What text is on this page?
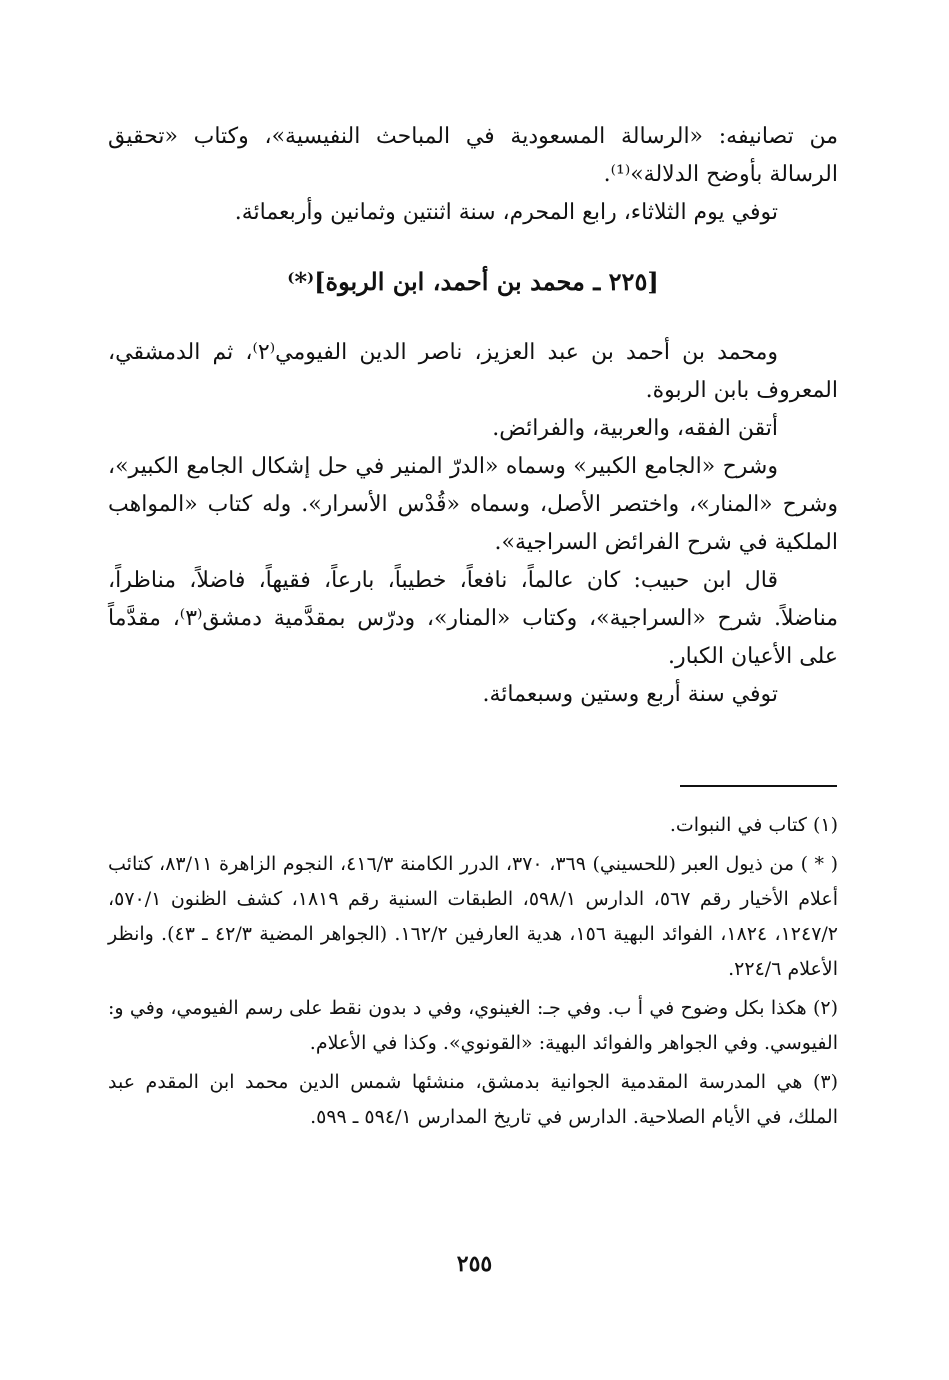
من تصانيفه: «الرسالة المسعودية في المباحث النفيسية»، وكتاب «تحقيق الرسالة بأوضح الدلالة»⁽¹⁾.

توفي يوم الثلاثاء، رابع المحرم، سنة اثنتين وثمانين وأربعمائة.

[٢٢٥ ـ محمد بن أحمد، ابن الربوة]⁽*⁾

ومحمد بن أحمد بن عبد العزيز، ناصر الدين الفيومي⁽٢⁾، ثم الدمشقي، المعروف بابن الربوة.

أتقن الفقه، والعربية، والفرائض.

وشرح «الجامع الكبير» وسماه «الدرّ المنير في حل إشكال الجامع الكبير»، وشرح «المنار»، واختصر الأصل، وسماه «قُدْس الأسرار». وله كتاب «المواهب الملكية في شرح الفرائض السراجية».

قال ابن حبيب: كان عالماً، نافعاً، خطيباً، بارعاً، فقيهاً، فاضلاً، مناظراً، مناضلاً. شرح «السراجية»، وكتاب «المنار»، ودرّس بمقدَّمية دمشق⁽٣⁾، مقدَّماً على الأعيان الكبار.

توفي سنة أربع وستين وسبعمائة.

(١) كتاب في النبوات.

( * ) من ذيول العبر (للحسيني) ٣٦٩، ٣٧٠، الدرر الكامنة ٤١٦/٣، النجوم الزاهرة ٨٣/١١، كتائب أعلام الأخيار رقم ٥٦٧، الدارس ٥٩٨/١، الطبقات السنية رقم ١٨١٩، كشف الظنون ٥٧٠/١، ١٢٤٧/٢، ١٨٢٤، الفوائد البهية ١٥٦، هدية العارفين ١٦٢/٢. (الجواهر المضية ٤٢/٣ ـ ٤٣). وانظر الأعلام ٢٢٤/٦.

(٢) هكذا بكل وضوح في أ ب. وفي جـ: الغينوي، وفي د بدون نقط على رسم الفيومي، وفي و: الفيوسي. وفي الجواهر والفوائد البهية: «القونوي». وكذا في الأعلام.

(٣) هي المدرسة المقدمية الجوانية بدمشق، منشئها شمس الدين محمد ابن المقدم عبد الملك، في الأيام الصلاحية. الدارس في تاريخ المدارس ٥٩٤/١ ـ ٥٩٩.

٢٥٥
